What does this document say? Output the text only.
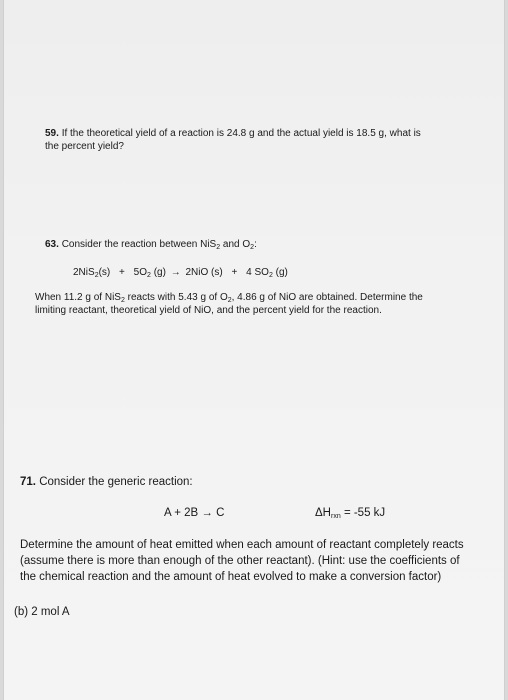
59. If the theoretical yield of a reaction is 24.8 g and the actual yield is 18.5 g, what is
the percent yield?
63. Consider the reaction between NiS$_2$ and $O_2$:
$2NiS_2(s) + 5O_2$ (g) → 2NiO (s) + 4 $SO_2$ (g)
When 11.2 g of NiS$_2$ reacts with 5.43 g of $O_2$, 4.86 g of NiO are obtained. Determine the
limiting reactant, theoretical yield of NiO, and the percent yield for the reaction.
71. Consider the generic reaction:
A + 2B → C	$\Delta H_{rxn} = -55$ kJ
Determine the amount of heat emitted when each amount of reactant completely reacts
(assume there is more than enough of the other reactant). (Hint: use the coefficients of
the chemical reaction and the amount of heat evolved to make a conversion factor)
(b) 2 mol A
